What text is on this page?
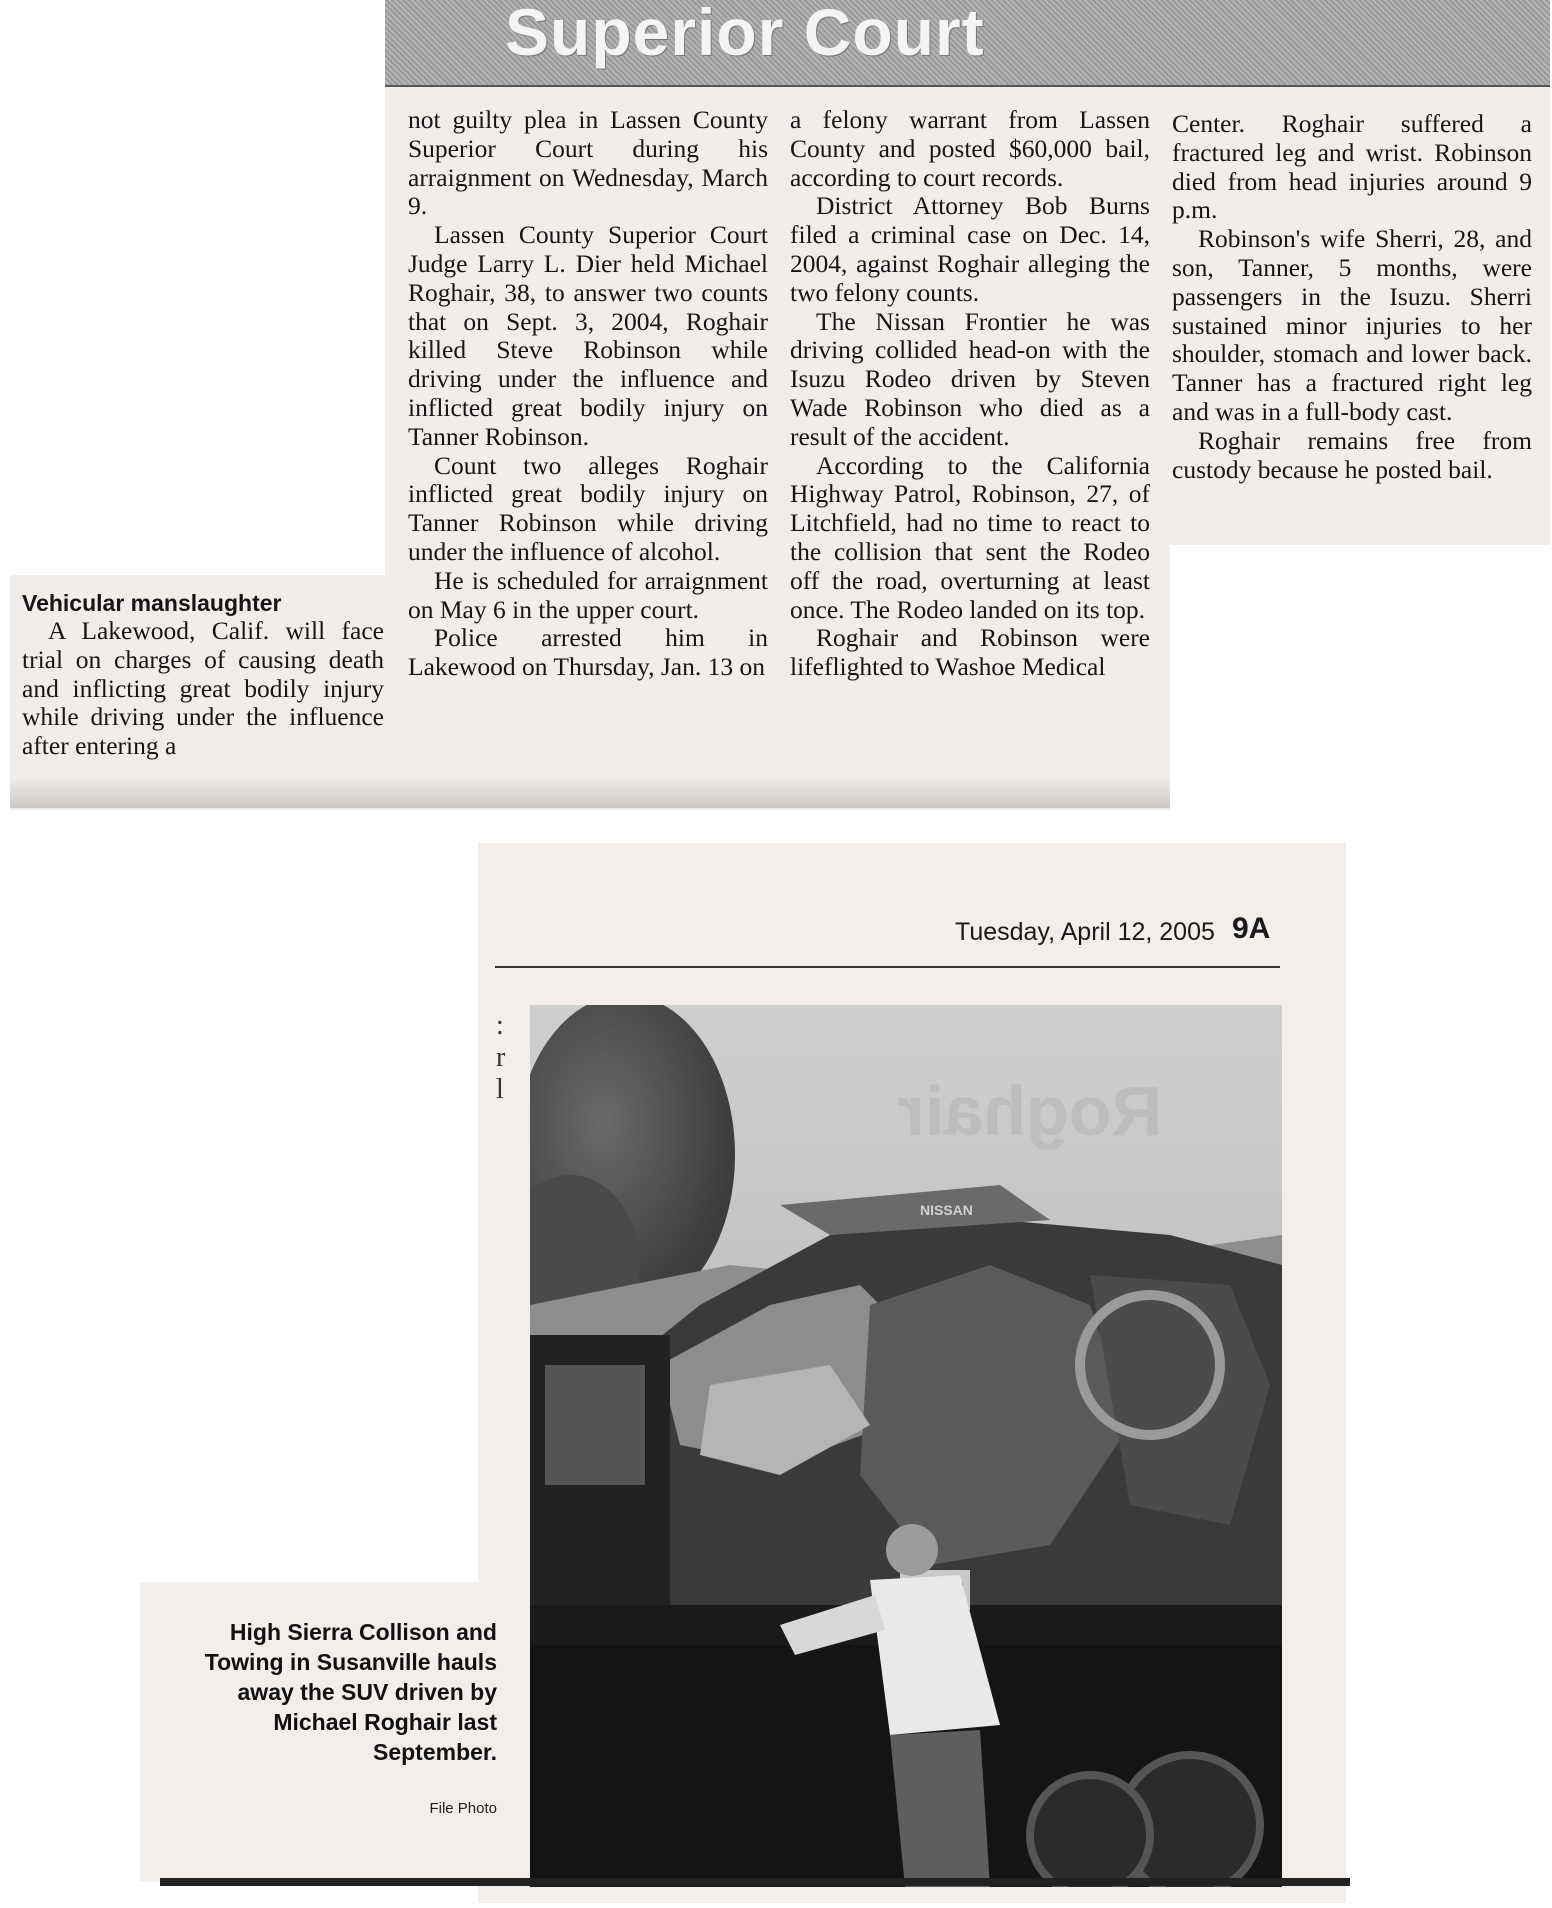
Superior Court
Vehicular manslaughter

A Lakewood, Calif. will face trial on charges of causing death and inflicting great bodily injury while driving under the influence after entering a

not guilty plea in Lassen County Superior Court during his arraignment on Wednesday, March 9.

Lassen County Superior Court Judge Larry L. Dier held Michael Roghair, 38, to answer two counts that on Sept. 3, 2004, Roghair killed Steve Robinson while driving under the influence and inflicted great bodily injury on Tanner Robinson.

Count two alleges Roghair inflicted great bodily injury on Tanner Robinson while driving under the influence of alcohol.

He is scheduled for arraignment on May 6 in the upper court.

Police arrested him in Lakewood on Thursday, Jan. 13 on

a felony warrant from Lassen County and posted $60,000 bail, according to court records.

District Attorney Bob Burns filed a criminal case on Dec. 14, 2004, against Roghair alleging the two felony counts.

The Nissan Frontier he was driving collided head-on with the Isuzu Rodeo driven by Steven Wade Robinson who died as a result of the accident.

According to the California Highway Patrol, Robinson, 27, of Litchfield, had no time to react to the collision that sent the Rodeo off the road, overturning at least once. The Rodeo landed on its top.

Roghair and Robinson were lifeflighted to Washoe Medical

Center. Roghair suffered a fractured leg and wrist. Robinson died from head injuries around 9 p.m.

Robinson's wife Sherri, 28, and son, Tanner, 5 months, were passengers in the Isuzu. Sherri sustained minor injuries to her shoulder, stomach and lower back. Tanner has a fractured right leg and was in a full-body cast.

Roghair remains free from custody because he posted bail.

Tuesday, April 12, 2005 9A
:
r
l	Roghair
NISSAN
High Sierra Collison and Towing in Susanville hauls away the SUV driven by Michael Roghair last September.
File Photo
